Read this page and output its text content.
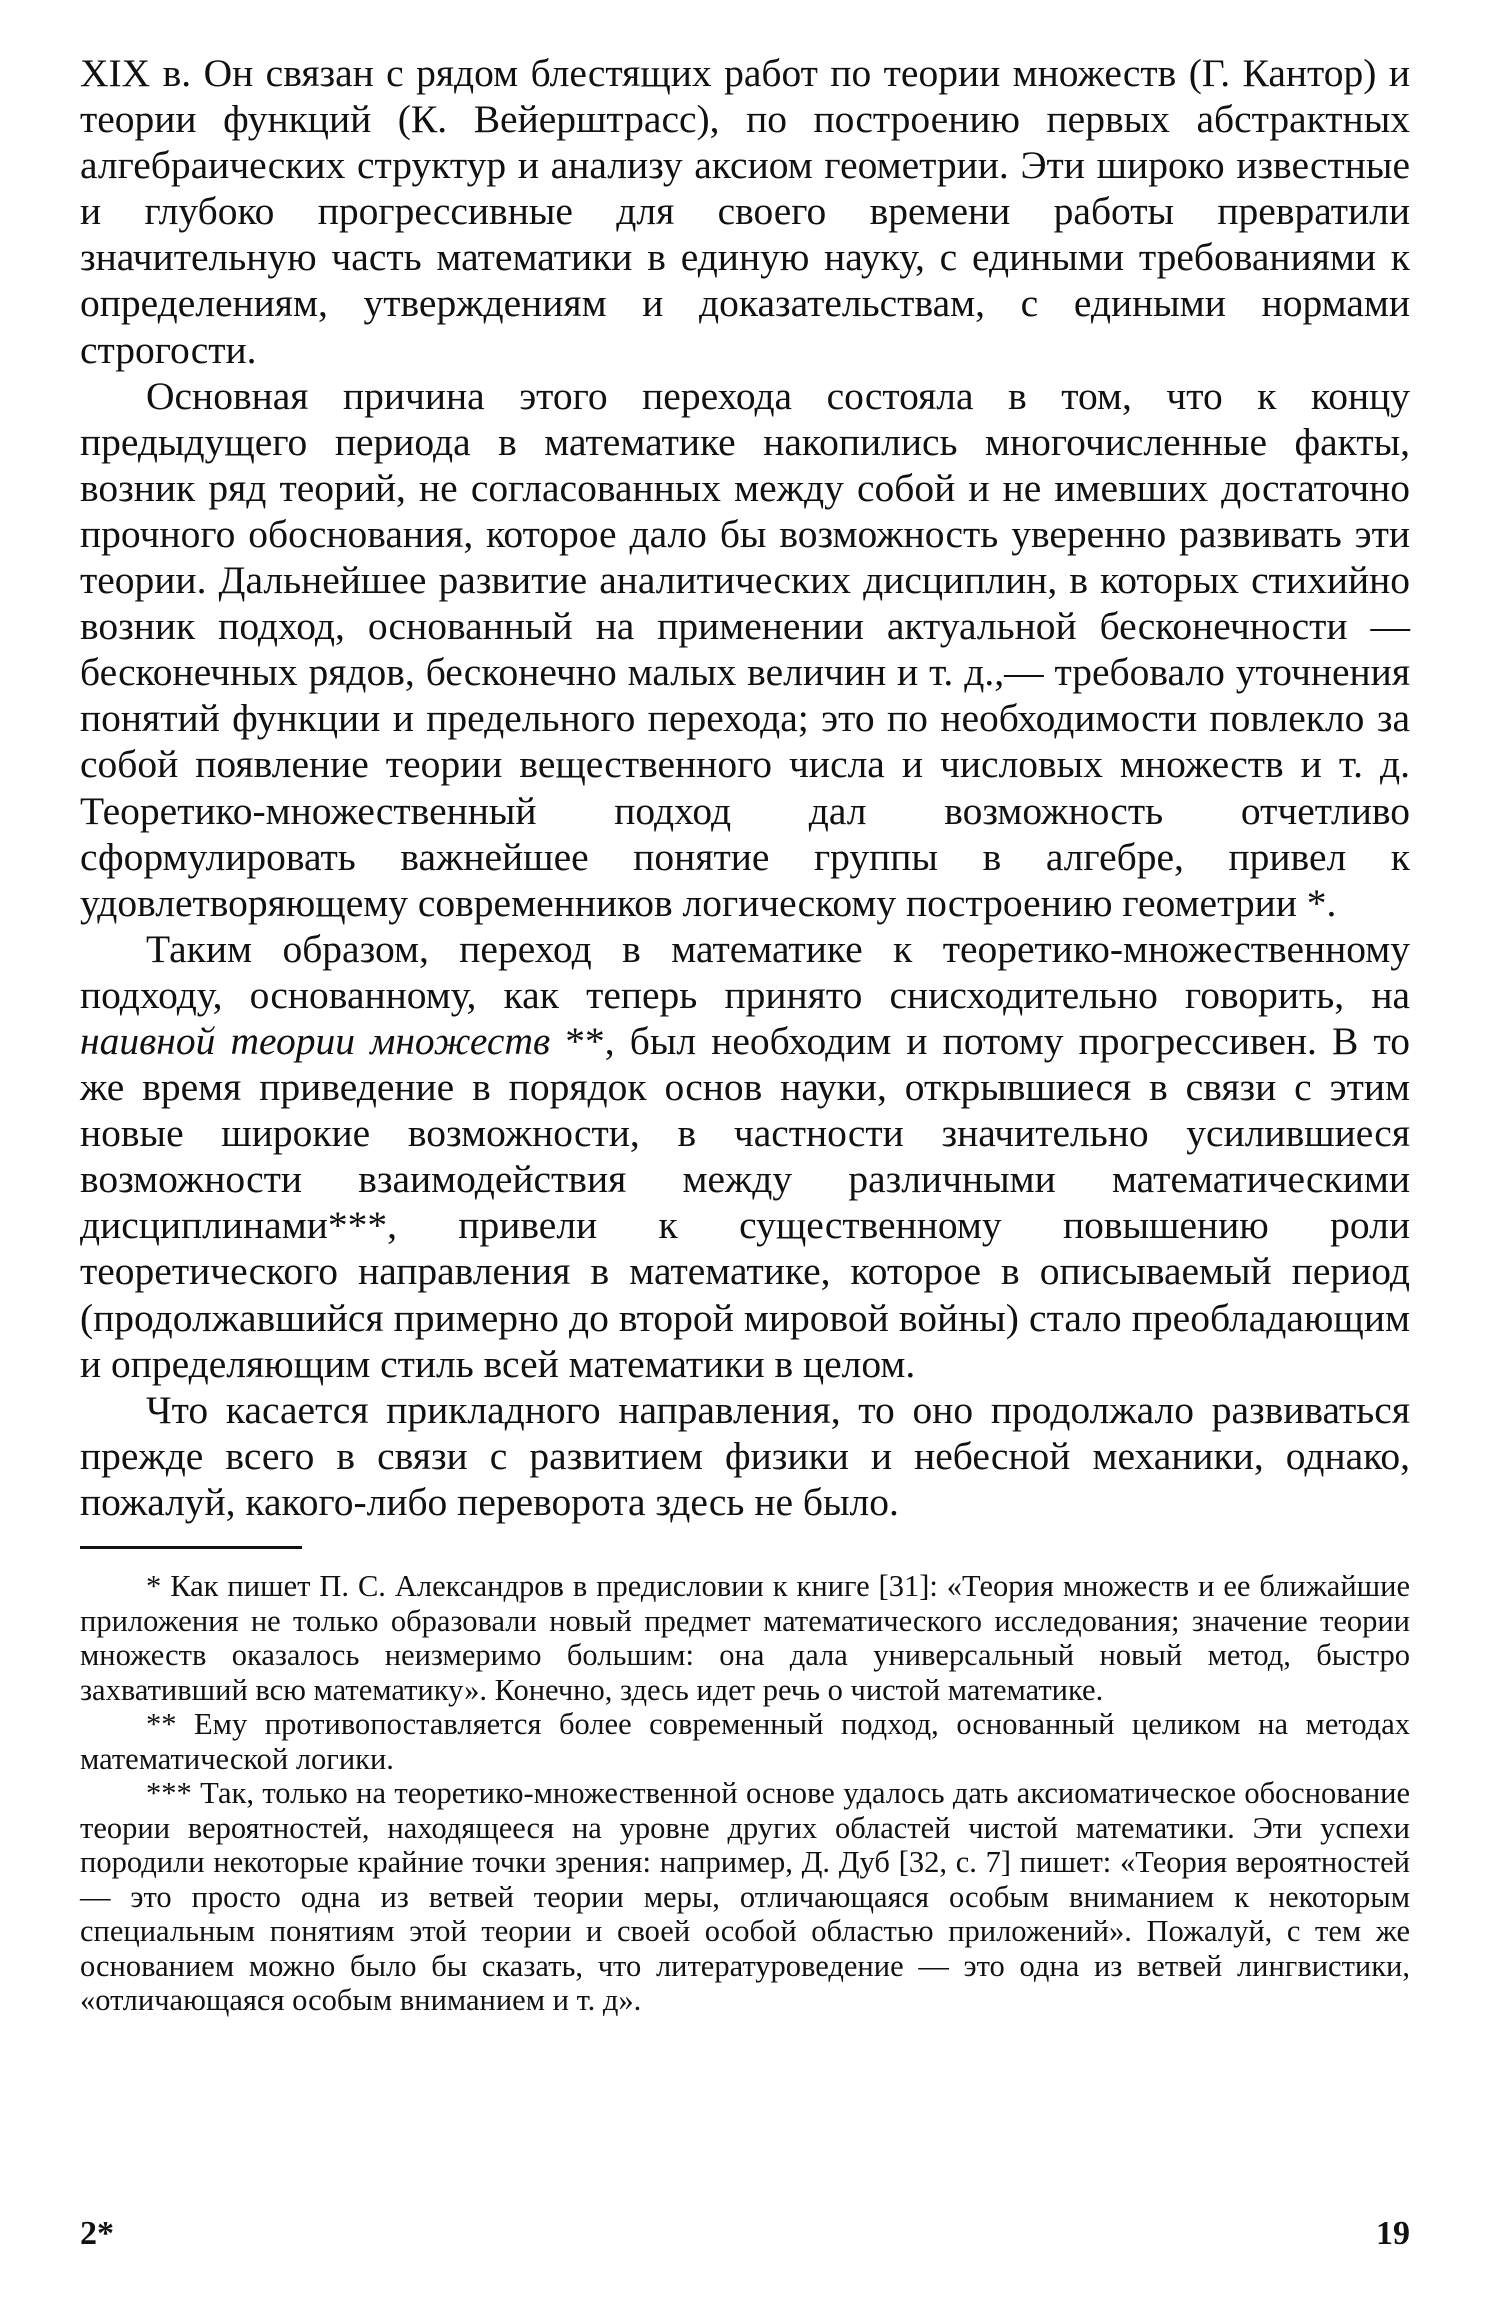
XIX в. Он связан с рядом блестящих работ по теории множеств (Г. Кантор) и теории функций (К. Вейерштрасс), по построению первых абстрактных алгебраических структур и анализу аксиом геометрии. Эти широко известные и глубоко прогрессивные для своего времени работы превратили значительную часть математики в единую науку, с едиными требованиями к определениям, утверждениям и доказательствам, с едиными нормами строгости.

Основная причина этого перехода состояла в том, что к концу предыдущего периода в математике накопились многочисленные факты, возник ряд теорий, не согласованных между собой и не имевших достаточно прочного обоснования, которое дало бы возможность уверенно развивать эти теории. Дальнейшее развитие аналитических дисциплин, в которых стихийно возник подход, основанный на применении актуальной бесконечности — бесконечных рядов, бесконечно малых величин и т. д.,— требовало уточнения понятий функции и предельного перехода; это по необходимости повлекло за собой появление теории вещественного числа и числовых множеств и т. д. Теоретико-множественный подход дал возможность отчетливо сформулировать важнейшее понятие группы в алгебре, привел к удовлетворяющему современников логическому построению геометрии *.

Таким образом, переход в математике к теоретико-множественному подходу, основанному, как теперь принято снисходительно говорить, на наивной теории множеств **, был необходим и потому прогрессивен. В то же время приведение в порядок основ науки, открывшиеся в связи с этим новые широкие возможности, в частности значительно усилившиеся возможности взаимодействия между различными математическими дисциплинами***, привели к существенному повышению роли теоретического направления в математике, которое в описываемый период (продолжавшийся примерно до второй мировой войны) стало преобладающим и определяющим стиль всей математики в целом.

Что касается прикладного направления, то оно продолжало развиваться прежде всего в связи с развитием физики и небесной механики, однако, пожалуй, какого-либо переворота здесь не было.

* Как пишет П. С. Александров в предисловии к книге [31]: «Теория множеств и ее ближайшие приложения не только образовали новый предмет математического исследования; значение теории множеств оказалось неизмеримо большим: она дала универсальный новый метод, быстро захвативший всю математику». Конечно, здесь идет речь о чистой математике.

** Ему противопоставляется более современный подход, основанный целиком на методах математической логики.

*** Так, только на теоретико-множественной основе удалось дать аксиоматическое обоснование теории вероятностей, находящееся на уровне других областей чистой математики. Эти успехи породили некоторые крайние точки зрения: например, Д. Дуб [32, с. 7] пишет: «Теория вероятностей — это просто одна из ветвей теории меры, отличающаяся особым вниманием к некоторым специальным понятиям этой теории и своей особой областью приложений». Пожалуй, с тем же основанием можно было бы сказать, что литературоведение — это одна из ветвей лингвистики, «отличающаяся особым вниманием и т. д».

2*	19
